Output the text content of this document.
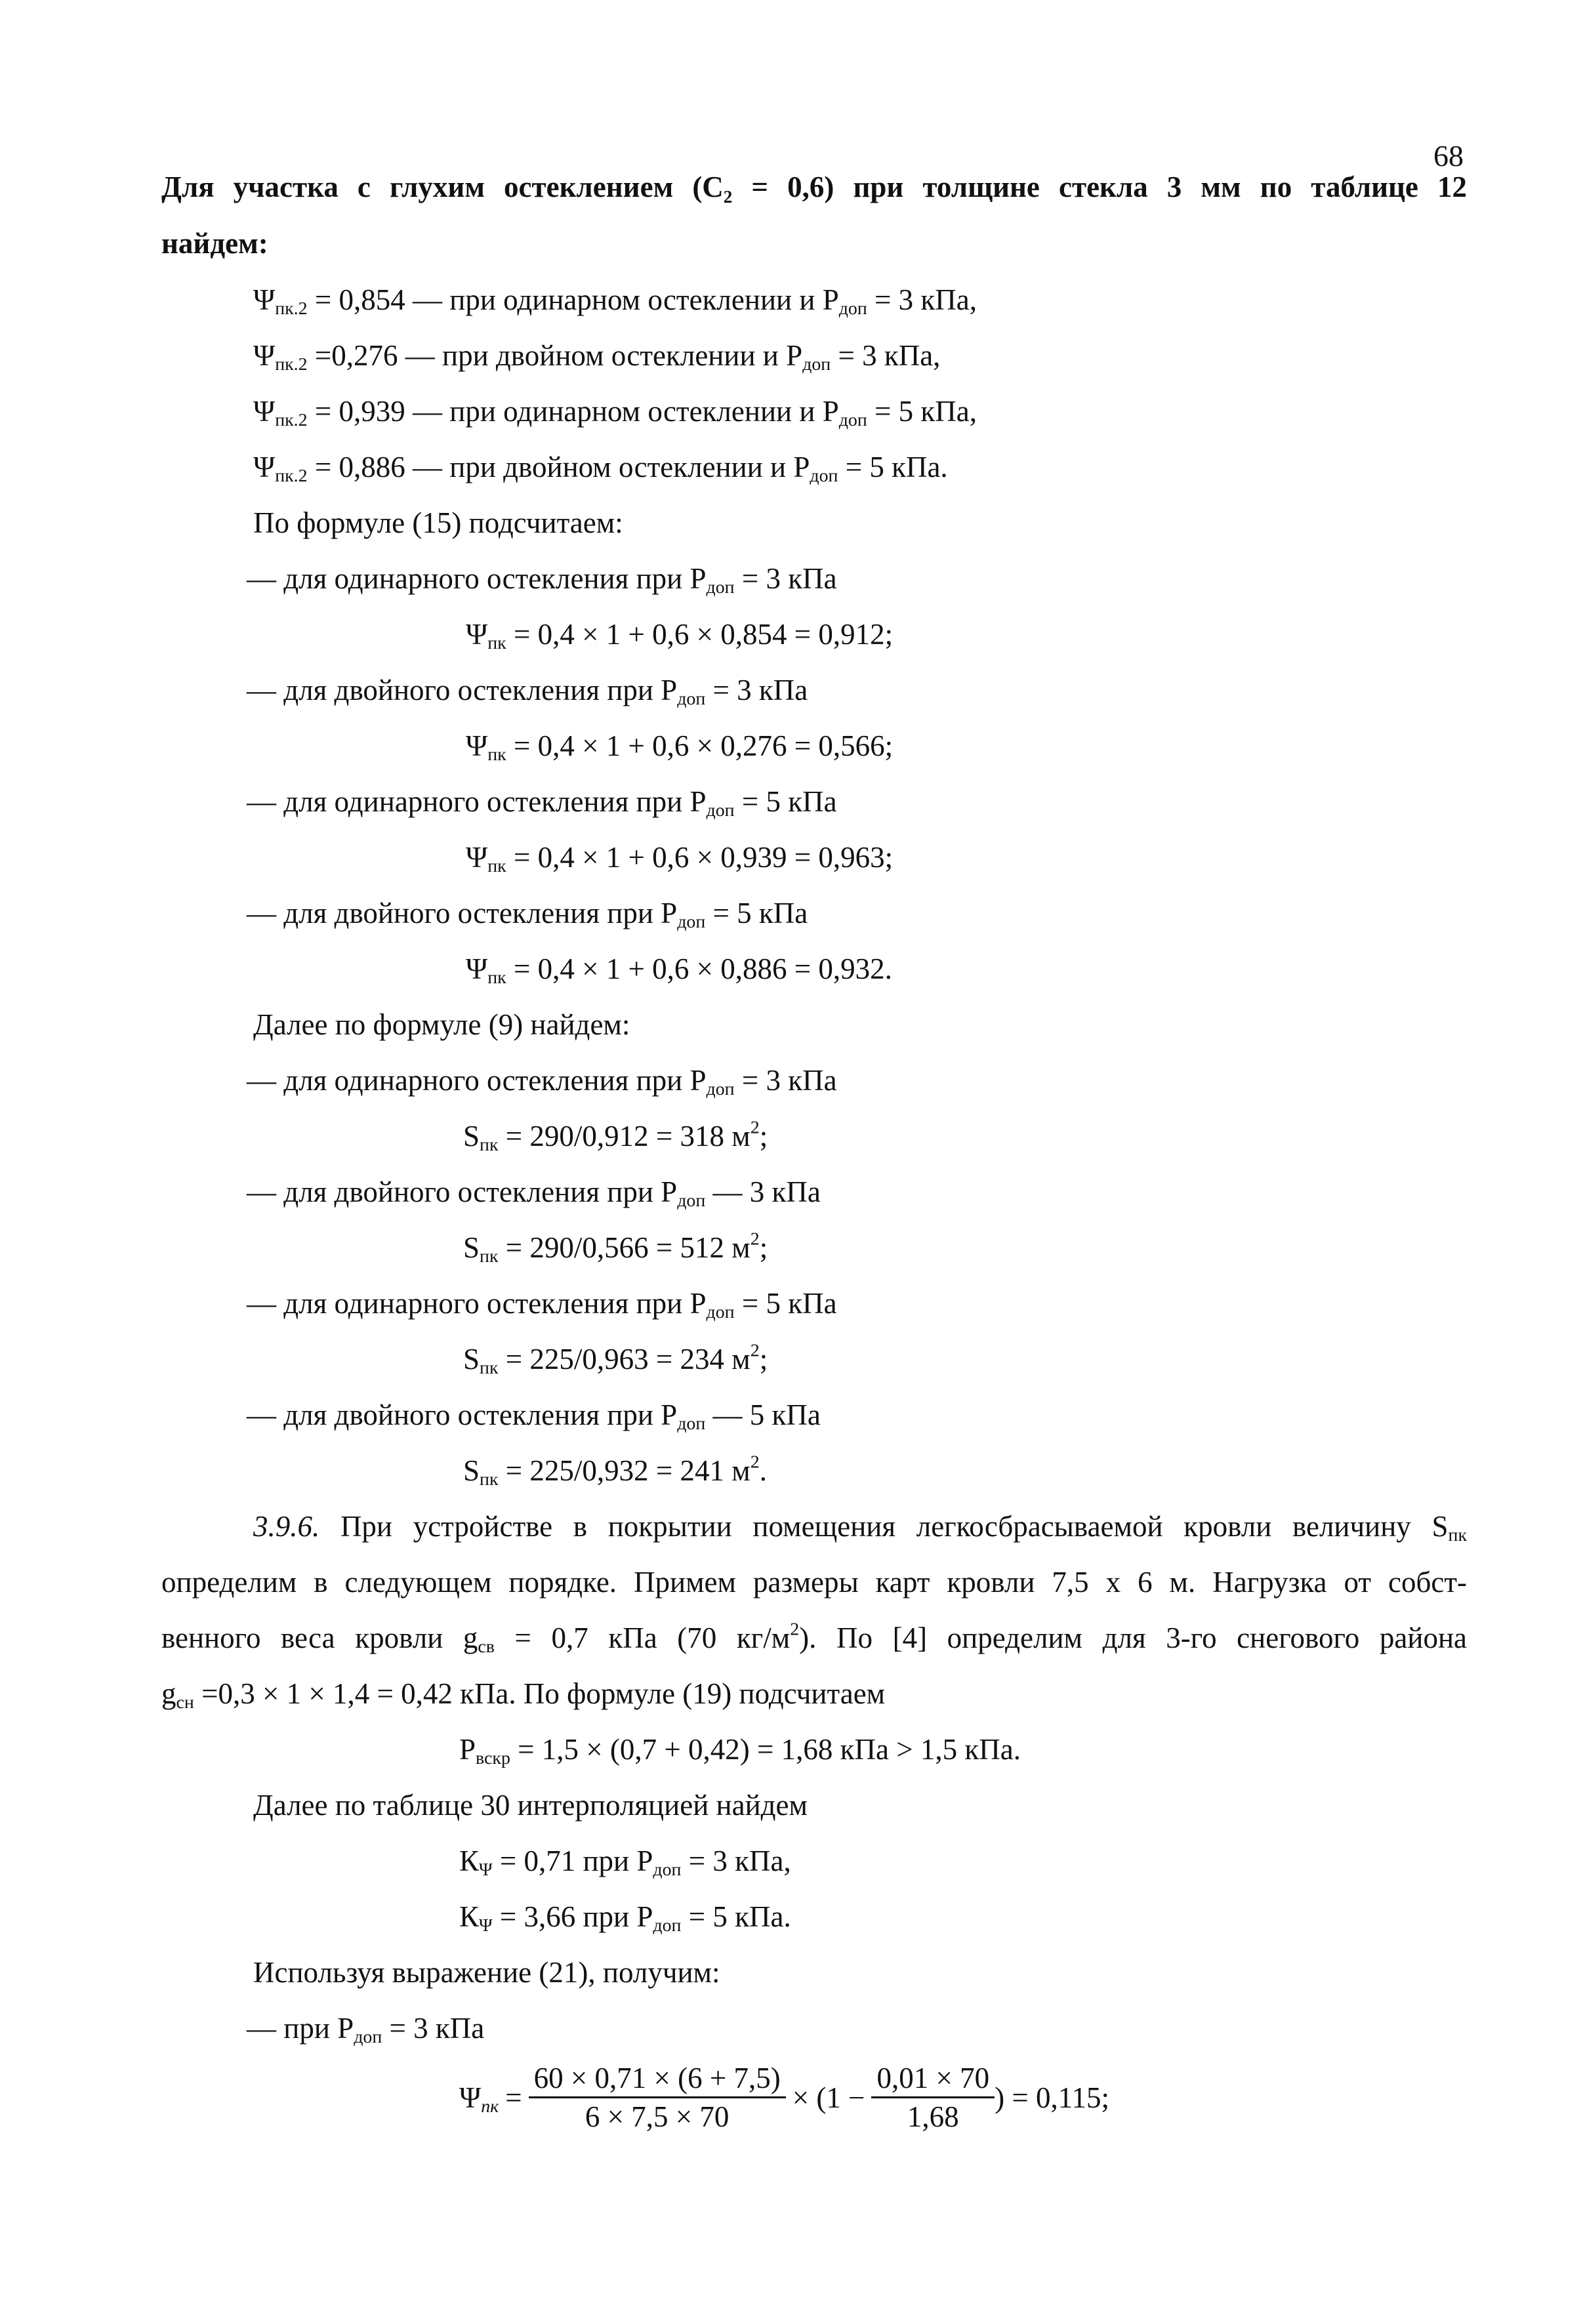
68
Для участка с глухим остеклением (С₂ = 0,6) при толщине стекла 3 мм по таблице 12
найдем:
$\Psi_{пк.2} = 0,854$ — при одинарном остеклении и $Р_{доп} = 3$ кПа,
$\Psi_{пк.2} =0,276$ — при двойном остеклении и $Р_{доп} = 3$ кПа,
$\Psi_{пк.2} = 0,939$ — при одинарном остеклении и $Р_{доп} = 5$ кПа,
$\Psi_{пк.2} = 0,886$ — при двойном остеклении и $Р_{доп} = 5$ кПа.
По формуле (15) подсчитаем:
— для одинарного остекления при $Р_{доп} = 3$ кПа
$\Psi_{пк} = 0,4 \times 1 + 0,6 \times 0,854 = 0,912$;
— для двойного остекления при $Р_{доп} = 3$ кПа
$\Psi_{пк} = 0,4 \times 1 + 0,6 \times 0,276 = 0,566$;
— для одинарного остекления при $Р_{доп} = 5$ кПа
$\Psi_{пк} = 0,4 \times 1 + 0,6 \times 0,939 = 0,963$;
— для двойного остекления при $Р_{доп} = 5$ кПа
$\Psi_{пк} = 0,4 \times 1 + 0,6 \times 0,886 = 0,932$.
Далее по формуле (9) найдем:
— для одинарного остекления при $Р_{доп} = 3$ кПа
$S_{пк} = 290/0,912 = 318$ $м^2$;
— для двойного остекления при $Р_{доп}$ — 3 кПа
$S_{пк} = 290/0,566 = 512$ $м^2$;
— для одинарного остекления при $Р_{доп} = 5$ кПа
$S_{пк} = 225/0,963 = 234$ $м^2$;
— для двойного остекления при $Р_{доп}$ — 5 кПа
$S_{пк} = 225/0,932 = 241$ $м^2$.
3.9.6. При устройстве в покрытии помещения легкосбрасываемой кровли величину $S_{пк}$
определим в следующем порядке. Примем размеры карт кровли 7,5 х 6 м. Нагрузка от собст-
венного веса кровли $g_{св} = 0,7$ кПа (70 $кг/м^2$). По [4] определим для 3-го снегового района
$g_{сн} =0,3 \times 1 \times 1,4 = 0,42$ кПа. По формуле (19) подсчитаем
$Р_{вскр} = 1,5 \times (0,7 + 0,42) = 1,68$ кПа > 1,5 кПа.
Далее по таблице 30 интерполяцией найдем
$К_\Psi = 0,71$ при $Р_{доп} = 3$ кПа,
$К_\Psi = 3,66$ при $Р_{доп} = 5$ кПа.
Используя выражение (21), получим:
— при $Р_{доп} = 3$ кПа
$\Psi_{пк} = \frac{60 \times 0,71 \times (6 + 7,5)}{6 \times 7,5 \times 70} \times (1 - \frac{0,01 \times 70}{1,68}$ ) = 0,115;
